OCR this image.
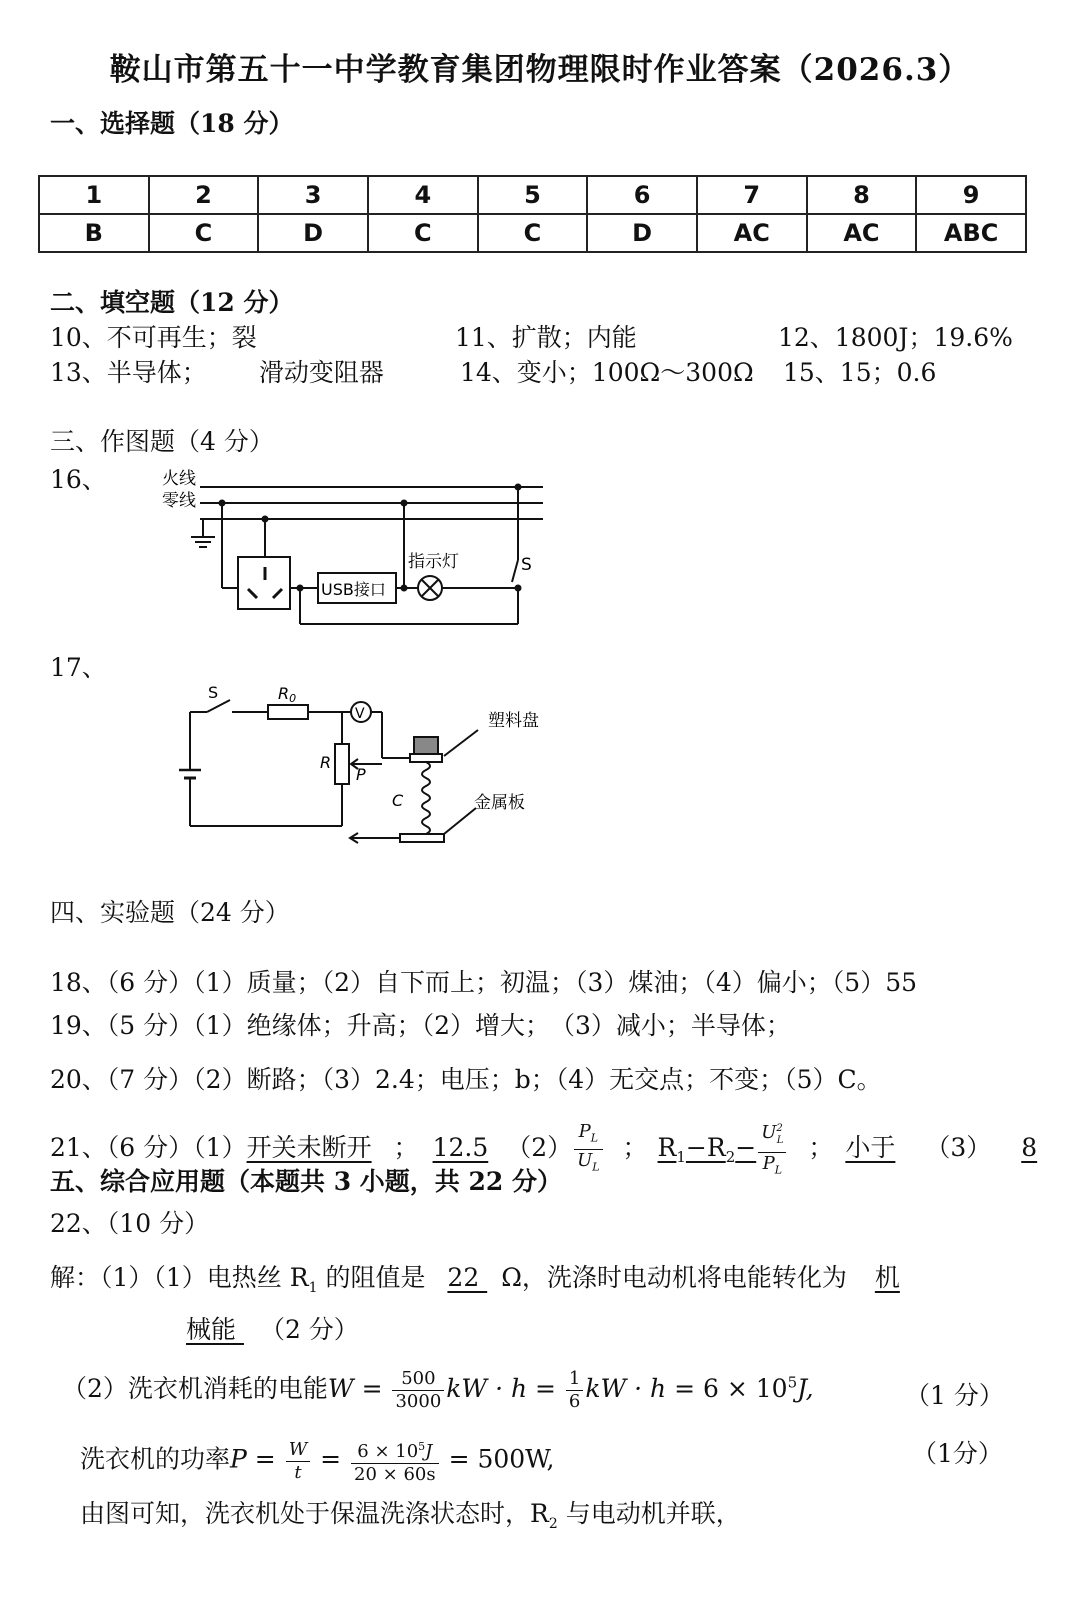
鞍山市第五十一中学教育集团物理限时作业答案（2026.3）
一、选择题（18 分）
1	2	3	4	5	6	7	8	9
B	C	D	C	C	D	AC	AC	ABC
二、填空题（12 分）
10、不可再生；裂	11、扩散；内能	12、1800J；19.6%
13、半导体； 滑动变阻器	14、变小；100Ω～300Ω 15、15；0.6
三、作图题（4 分）
16、	火线
零线
USB接口
指示灯	S
17、
S	R0
V
R
P
C
塑料盘
金属板
四、实验题（24 分）
18、（6 分）（1）质量；（2）自下而上；初温；（3）煤油；（4）偏小；（5）55
19、（5 分）（1）绝缘体；升高；（2）增大；　（3）减小；半导体；
20、（7 分）（2）断路；（3）2.4；电压；b；（4）无交点；不变；（5）C。
21、（6 分）（1）开关未断开 ； 12.5 $(2) \frac{P_L}{U_L}$ ； $R_1-R_2- \frac{U^2_L}{P_L}$ ； 小于 （3） 8
五、综合应用题（本题共 3 小题，共 22 分）
22、（10 分）
解：（1）（1）电热丝 $R_1$ 的阻值是 22 Ω，洗涤时电动机将电能转化为 机
械能 （2 分）
（2）洗衣机消耗的电能$W = \frac{500}{3000}$ kW · $h = \frac{1}{6}$ kW · $h = 6 \times 10^5J$,	（1 分）
洗衣机的功率$P = \frac{W}{t} = \frac{6 \times 10^5J}{20 \times 60s} = 500W$,	（1分）
由图可知，洗衣机处于保温洗涤状态时，$R_2$ 与电动机并联，
